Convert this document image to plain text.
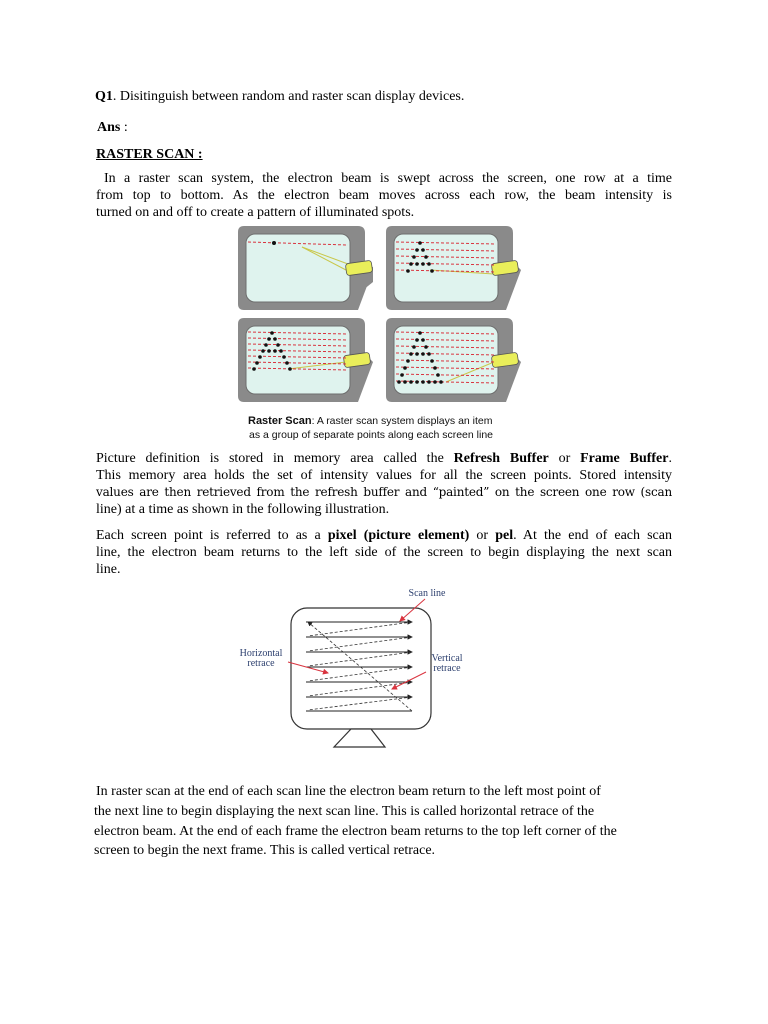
Q1. Disitinguish between random and raster scan display devices.
Ans :
RASTER SCAN :
In a raster scan system, the electron beam is swept across the screen, one row at a time
from top to bottom. As the electron beam moves across each row, the beam intensity is
turned on and off to create a pattern of illuminated spots.
Raster Scan: A raster scan system displays an item
as a group of separate points along each screen line
Picture definition is stored in memory area called the Refresh Buffer or Frame Buffer.
This memory area holds the set of intensity values for all the screen points. Stored intensity
values are then retrieved from the refresh buffer and “painted” on the screen one row (scan
line) at a time as shown in the following illustration.
Each screen point is referred to as a pixel (picture element) or pel. At the end of each scan
line, the electron beam returns to the left side of the screen to begin displaying the next scan
line.
Scan line
Horizontal
retrace	Vertical
retrace
In raster scan at the end of each scan line the electron beam return to the left most point of
the next line to begin displaying the next scan line. This is called horizontal retrace of the
electron beam. At the end of each frame the electron beam returns to the top left corner of the
screen to begin the next frame. This is called vertical retrace.
